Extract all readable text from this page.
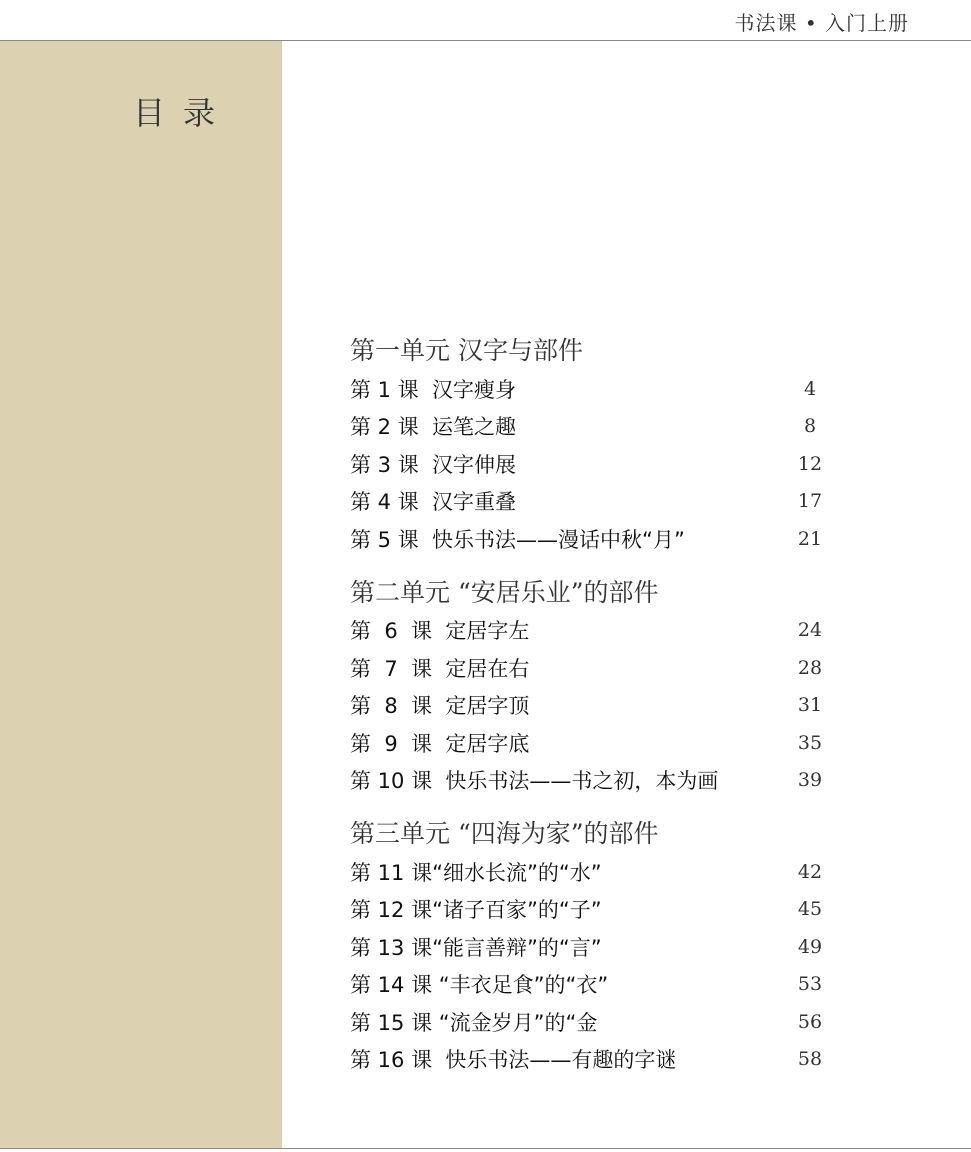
书法课 • 入门上册
目录
第一单元 汉字与部件
第 1 课  汉字瘦身	4
第 2 课  运笔之趣	8
第 3 课  汉字伸展	12
第 4 课  汉字重叠	17
第 5 课  快乐书法——漫话中秋“月”	21
第二单元 “安居乐业”的部件
第  6  课  定居字左	24
第  7  课  定居在右	28
第  8  课  定居字顶	31
第  9  课  定居字底	35
第 10 课  快乐书法——书之初，本为画	39
第三单元 “四海为家”的部件
第 11 课“细水长流”的“水”	42
第 12 课“诸子百家”的“子”	45
第 13 课“能言善辩”的“言”	49
第 14 课 “丰衣足食”的“衣”	53
第 15 课 “流金岁月”的“金	56
第 16 课  快乐书法——有趣的字谜	58
